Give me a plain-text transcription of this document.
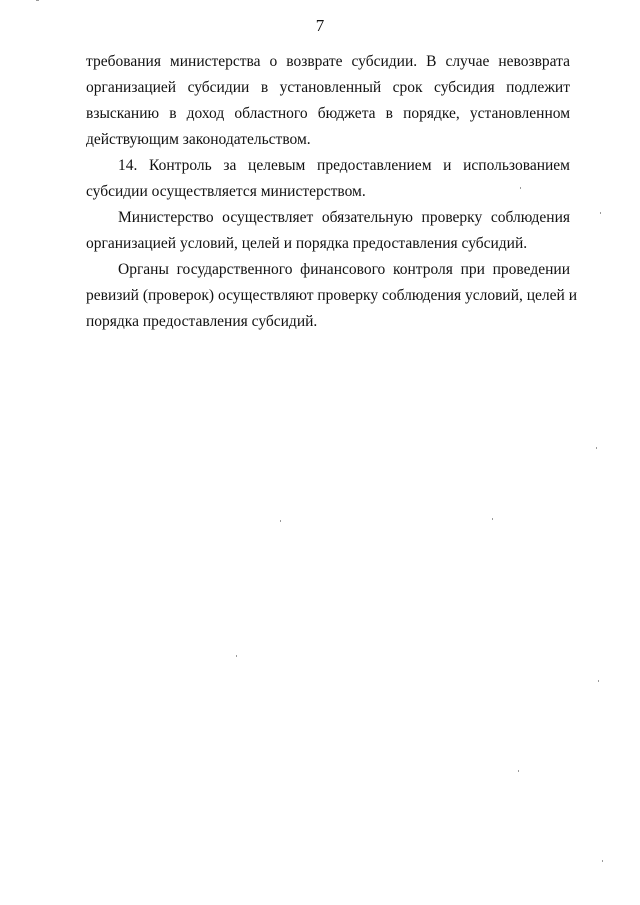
7

требования министерства о возврате субсидии. В случае невозврата
организацией субсидии в установленный срок субсидия подлежит
взысканию в доход областного бюджета в порядке, установленном
действующим законодательством.

14. Контроль за целевым предоставлением и использованием
субсидии осуществляется министерством.

Министерство осуществляет обязательную проверку соблюдения
организацией условий, целей и порядка предоставления субсидий.

Органы государственного финансового контроля при проведении
ревизий (проверок) осуществляют проверку соблюдения условий, целей и
порядка предоставления субсидий.
